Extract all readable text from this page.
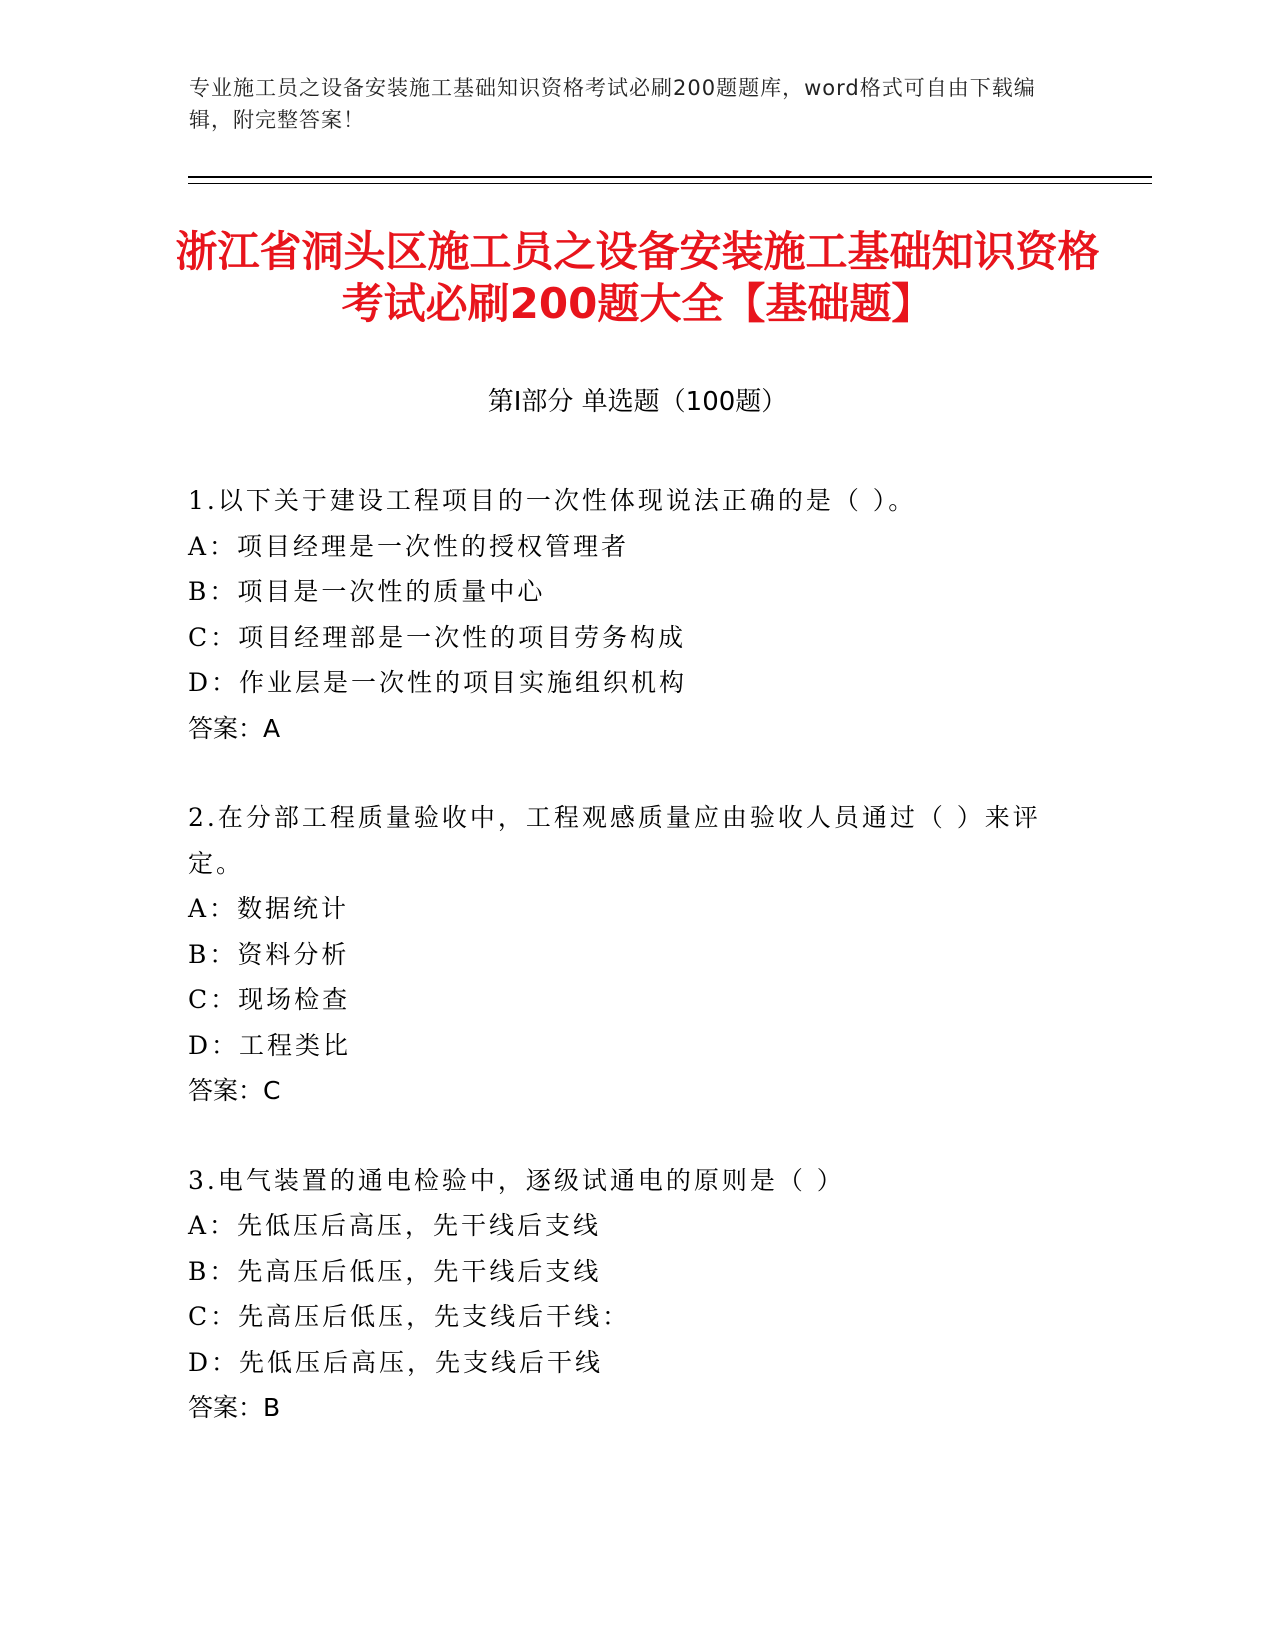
专业施工员之设备安装施工基础知识资格考试必刷200题题库，word格式可自由下载编辑，附完整答案！
浙江省洞头区施工员之设备安装施工基础知识资格考试必刷200题大全【基础题】
第Ⅰ部分 单选题（100题）
1.以下关于建设工程项目的一次性体现说法正确的是（ ）。
A：项目经理是一次性的授权管理者
B：项目是一次性的质量中心
C：项目经理部是一次性的项目劳务构成
D：作业层是一次性的项目实施组织机构
答案：A
2.在分部工程质量验收中，工程观感质量应由验收人员通过（ ）来评定。
A：数据统计
B：资料分析
C：现场检查
D：工程类比
答案：C
3.电气装置的通电检验中，逐级试通电的原则是（ ）
A：先低压后高压，先干线后支线
B：先高压后低压，先干线后支线
C：先高压后低压，先支线后干线：
D：先低压后高压，先支线后干线
答案：B
